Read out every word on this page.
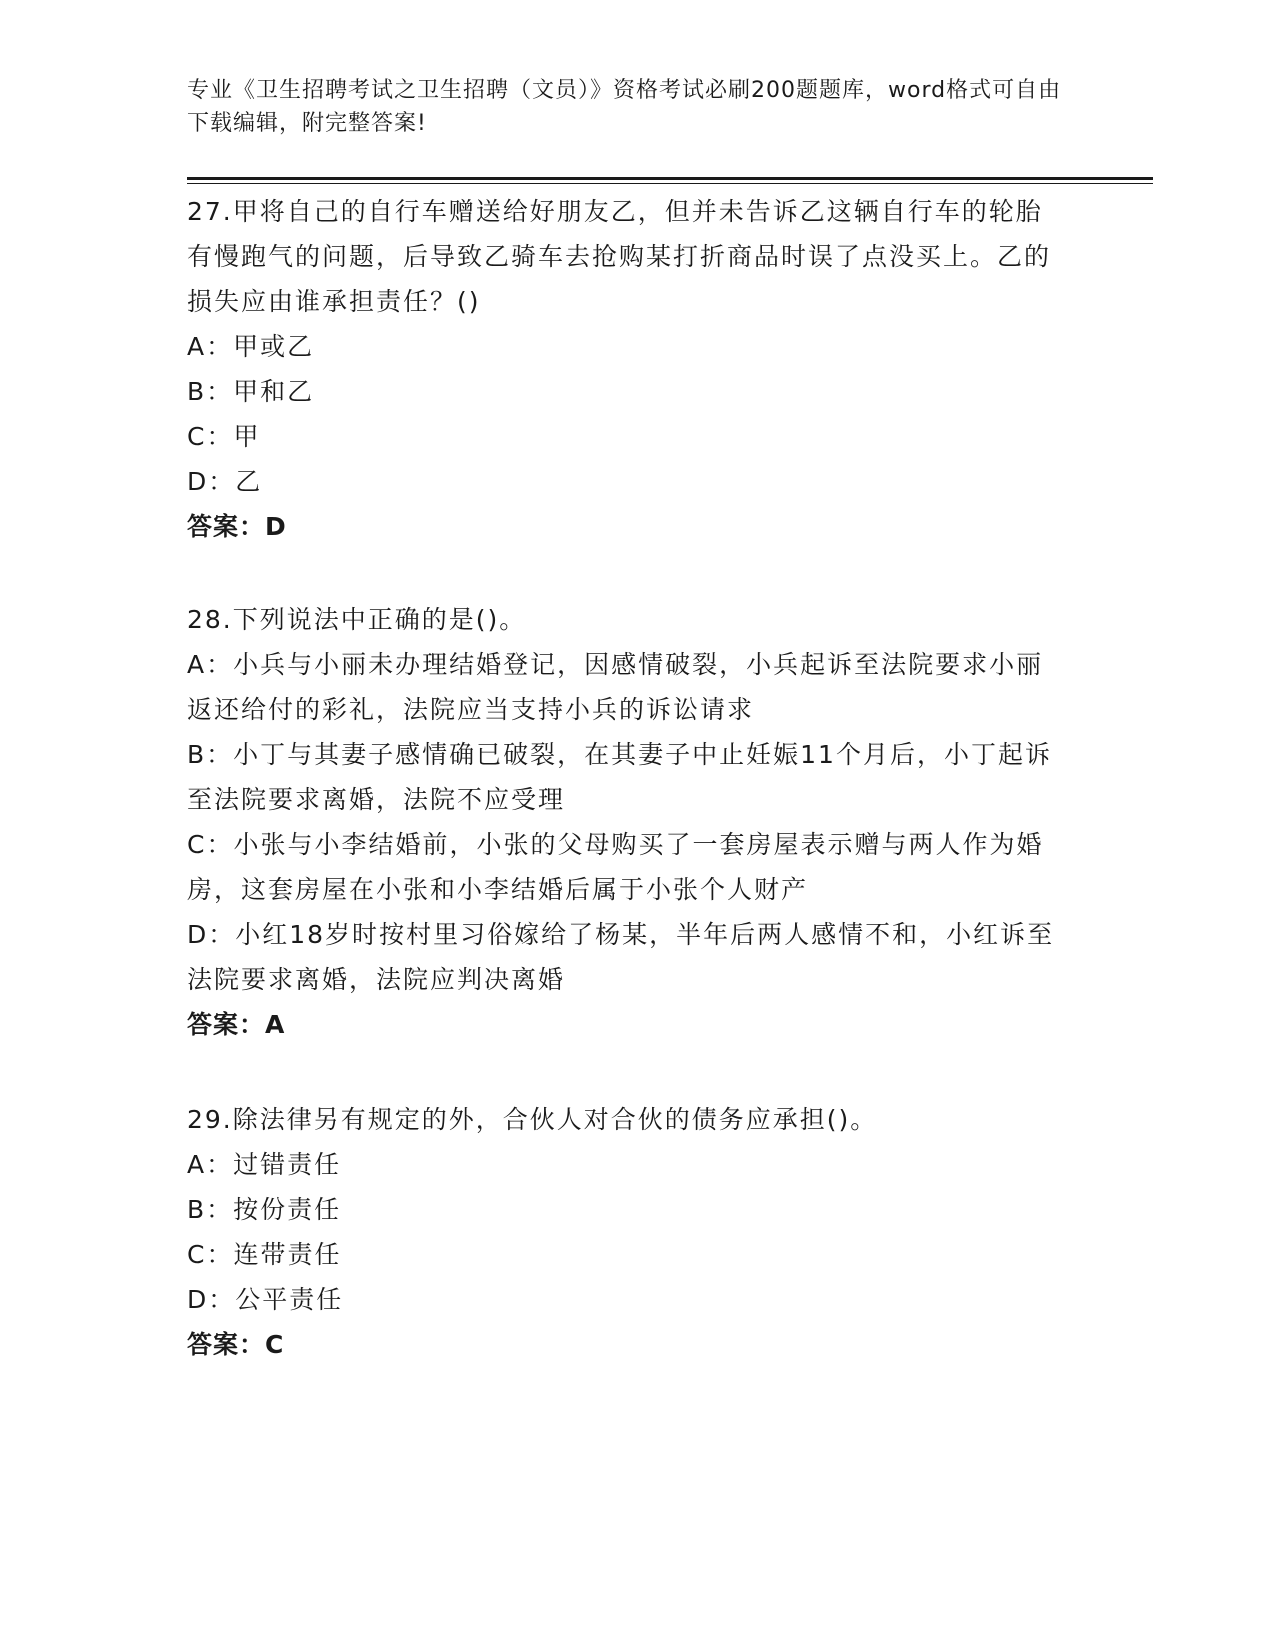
专业《卫生招聘考试之卫生招聘（文员）》资格考试必刷200题题库，word格式可自由下载编辑，附完整答案!
27.甲将自己的自行车赠送给好朋友乙，但并未告诉乙这辆自行车的轮胎有慢跑气的问题，后导致乙骑车去抢购某打折商品时误了点没买上。乙的损失应由谁承担责任？()
A：甲或乙
B：甲和乙
C：甲
D：乙
答案：D
28.下列说法中正确的是()。
A：小兵与小丽未办理结婚登记，因感情破裂，小兵起诉至法院要求小丽返还给付的彩礼，法院应当支持小兵的诉讼请求
B：小丁与其妻子感情确已破裂，在其妻子中止妊娠11个月后，小丁起诉至法院要求离婚，法院不应受理
C：小张与小李结婚前，小张的父母购买了一套房屋表示赠与两人作为婚房，这套房屋在小张和小李结婚后属于小张个人财产
D：小红18岁时按村里习俗嫁给了杨某，半年后两人感情不和，小红诉至法院要求离婚，法院应判决离婚
答案：A
29.除法律另有规定的外，合伙人对合伙的债务应承担()。
A：过错责任
B：按份责任
C：连带责任
D：公平责任
答案：C
